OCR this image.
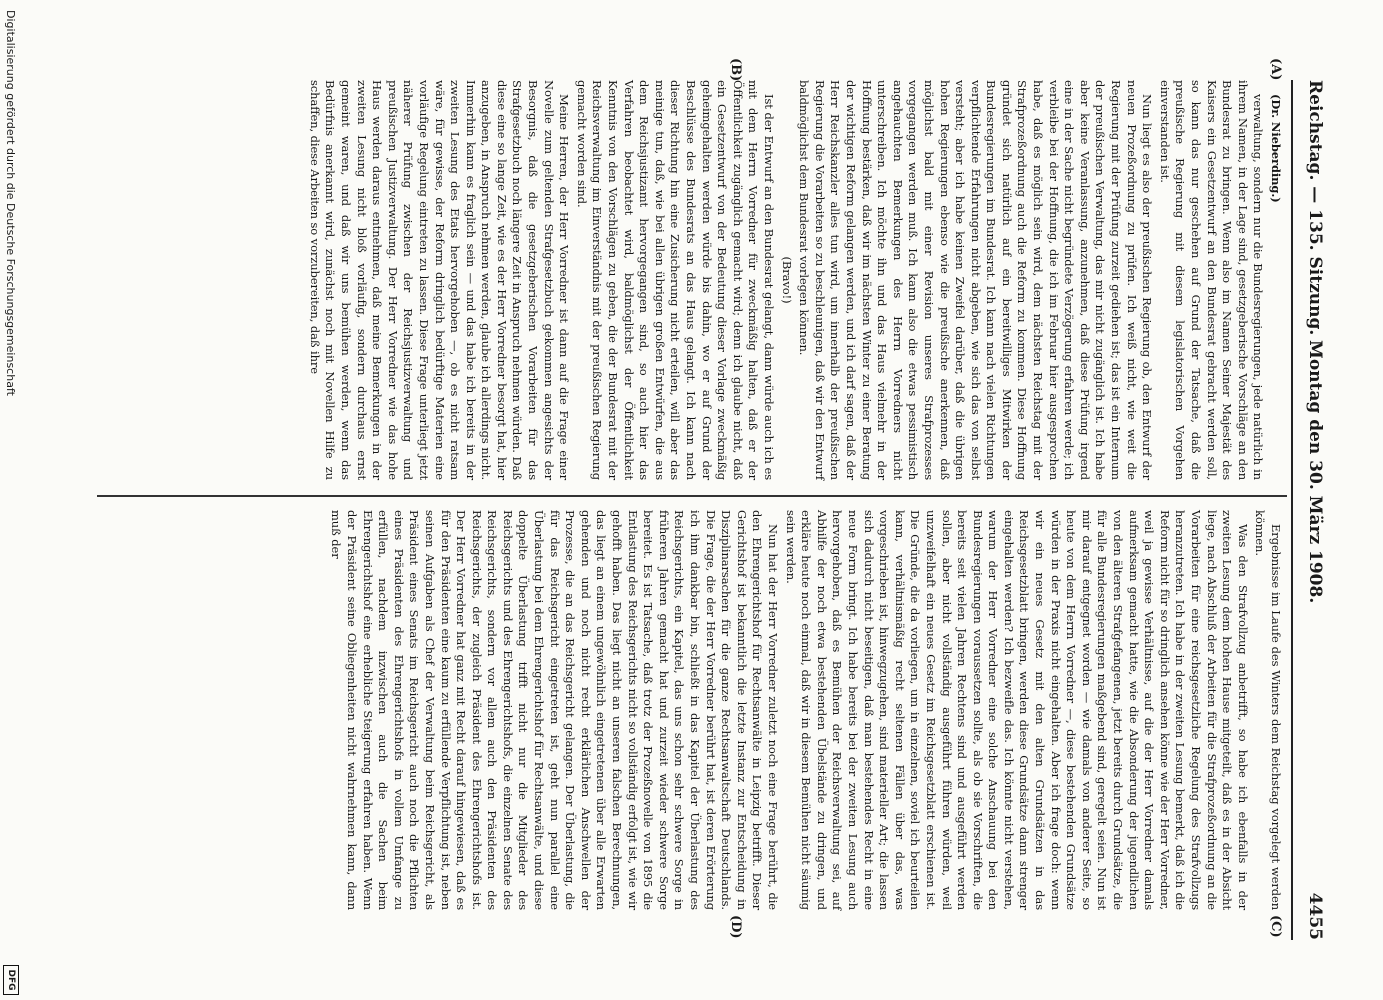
Reichstag. — 135. Sitzung.
Montag den 30. März 1908.
4455
(A)
(B)
(C)
(D)

(Dr. Nieberding.)

verwaltung, sondern nur die Bundesregierungen, jede natürlich in ihrem Namen, in der Lage sind, gesetzgeberische Vorschläge an den Bundesrat zu bringen. Wenn also im Namen Seiner Majestät des Kaisers ein Gesetzentwurf an den Bundesrat gebracht werden soll, so kann das nur geschehen auf Grund der Tatsache, daß die preußische Regierung mit diesem legislatorischen Vorgehen einverstanden ist.

Nun liegt es also der preußischen Regierung ob, den Entwurf der neuen Prozeßordnung zu prüfen. Ich weiß nicht, wie weit die Regierung mit der Prüfung zurzeit gediehen ist; das ist ein Internum der preußischen Verwaltung, das mir nicht zugänglich ist. Ich habe aber keine Veranlassung, anzunehmen, daß diese Prüfung irgend eine in der Sache nicht begründete Verzögerung erfahren werde; ich verbleibe bei der Hoffnung, die ich im Februar hier ausgesprochen habe, daß es möglich sein wird, dem nächsten Reichstag mit der Strafprozeßordnung auch die Reform zu kommen. Diese Hoffnung gründet sich natürlich auf ein bereitwilliges Mitwirken der Bundesregierungen im Bundesrat. Ich kann nach vielen Richtungen verpflichtende Erfahrungen nicht abgeben, wie sich das von selbst versteht; aber ich habe keinen Zweifel darüber, daß die übrigen hohen Regierungen ebenso wie die preußische anerkennen, daß möglichst bald mit einer Revision unseres Strafprozesses vorgegangen werden muß. Ich kann also die etwas pessimistisch angehauchten Bemerkungen des Herrn Vorredners nicht unterschreiben. Ich möchte ihn und das Haus vielmehr in der Hoffnung bestärken, daß wir im nächsten Winter zu einer Beratung der wichtigen Reform gelangen werden, und ich darf sagen, daß der Herr Reichskanzler alles tun wird, um innerhalb der preußischen Regierung die Vorarbeiten so zu beschleunigen, daß wir den Entwurf baldmöglichst dem Bundesrat vorlegen können.

(Bravo!)

Ist der Entwurf an den Bundesrat gelangt, dann würde auch ich es mit dem Herrn Vorredner für zweckmäßig halten, daß er der Öffentlichkeit zugänglich gemacht wird; denn ich glaube nicht, daß ein Gesetzentwurf von der Bedeutung dieser Vorlage zweckmäßig geheimgehalten werden würde bis dahin, wo er auf Grund der Beschlüsse des Bundesrats an das Haus gelangt. Ich kann nach dieser Richtung hin eine Zusicherung nicht erteilen, will aber das meinige tun, daß, wie bei allen übrigen großen Entwürfen, die aus dem Reichsjustizamt hervorgegangen sind, so auch hier das Verfahren beobachtet wird, baldmöglichst der Öffentlichkeit Kenntnis von den Vorschlägen zu geben, die der Bundesrat mit der Reichsverwaltung im Einverständnis mit der preußischen Regierung gemacht worden sind.

Meine Herren, der Herr Vorredner ist dann auf die Frage einer Novelle zum geltenden Strafgesetzbuch gekommen angesichts der Besorgnis, daß die gesetzgeberischen Vorarbeiten für das Strafgesetzbuch noch längere Zeit in Anspruch nehmen würden. Daß diese eine so lange Zeit, wie es der Herr Vorredner besorgt hat, hier anzugeben, in Anspruch nehmen werden, glaube ich allerdings nicht. Immerhin kann es fraglich sein — und das habe ich bereits in der zweiten Lesung des Etats hervorgehoben —, ob es nicht ratsam wäre, für gewisse, der Reform dringlich bedürftige Materien eine vorläufige Regelung eintreten zu lassen. Diese Frage unterliegt jetzt näherer Prüfung zwischen der Reichsjustizverwaltung und preußischen Justizverwaltung. Der Herr Vorredner wie das hohe Haus werden daraus entnehmen, daß meine Bemerkungen in der zweiten Lesung nicht bloß vorläufig, sondern durchaus ernst gemeint waren, und daß wir uns bemühen werden, wenn das Bedürfnis anerkannt wird, zunächst noch mit Novellen Hilfe zu schaffen, diese Arbeiten so vorzubereiten, daß ihre

Ergebnisse im Laufe des Winters dem Reichstag vorgelegt werden können.

Was den Strafvollzug anbetrifft, so habe ich ebenfalls in der zweiten Lesung dem hohen Hause mitgeteilt, daß es in der Absicht liege, nach Abschluß der Arbeiten für die Strafprozeßordnung an die Vorarbeiten für eine reichsgesetzliche Regelung des Strafvollzugs heranzutreten. Ich habe in der zweiten Lesung bemerkt, daß ich die Reform nicht für so dringlich ansehen könne wie der Herr Vorredner, weil ja gewisse Verhältnisse, auf die der Herr Vorredner damals aufmerksam gemacht hatte, wie die Absonderung der jugendlichen von den älteren Strafgefangenen, jetzt bereits durch Grundsätze, die für alle Bundesregierungen maßgebend sind, geregelt seien. Nun ist mir darauf entgegnet worden — wie damals von anderer Seite, so heute von dem Herrn Vorredner —, diese bestehenden Grundsätze würden in der Praxis nicht eingehalten. Aber ich frage doch: wenn wir ein neues Gesetz mit den alten Grundsätzen in das Reichsgesetzblatt bringen, werden diese Grundsätze dann strenger eingehalten werden? Ich bezweifle das. Ich könnte nicht verstehen, warum der Herr Vorredner eine solche Anschauung bei den Bundesregierungen voraussetzen sollte, als ob sie Vorschriften, die bereits seit vielen Jahren Rechtens sind und ausgeführt werden sollen, aber nicht vollständig ausgeführt führen würden, weil unzweifelhaft ein neues Gesetz im Reichsgesetzblatt erschienen ist. Die Gründe, die da vorliegen, um in einzelnen, soviel ich beurteilen kann, verhältnismäßig recht seltenen Fällen über das, was vorgeschrieben ist, hinwegzugehen, sind materieller Art; die lassen sich dadurch nicht beseitigen, daß man bestehendes Recht in eine neue Form bringt. Ich habe bereits bei der zweiten Lesung auch hervorgehoben, daß es Bemühen der Reichsverwaltung sei, auf Abhilfe der noch etwa bestehenden Übelstände zu dringen, und erkläre heute noch einmal, daß wir in diesem Bemühen nicht säumig sein werden.

Nun hat der Herr Vorredner zuletzt noch eine Frage berührt, die den Ehrengerichtshof für Rechtsanwälte in Leipzig betrifft. Dieser Gerichtshof ist bekanntlich die letzte Instanz zur Entscheidung in Disziplinarsachen für die ganze Rechtsanwaltschaft Deutschlands. Die Frage, die der Herr Vorredner berührt hat, ist deren Erörterung ich ihm dankbar bin, schließt in das Kapitel der Überlastung des Reichsgerichts, ein Kapitel, das uns schon sehr schwere Sorge in früheren Jahren gemacht hat und zurzeit wieder schwere Sorge bereitet. Es ist Tatsache, daß trotz der Prozeßnovelle von 1895 die Entlastung des Reichsgerichts nicht so vollständig erfolgt ist, wie wir gehofft haben. Das liegt nicht an unseren falschen Berechnungen, das liegt an einem ungewöhnlich eingetretenen über alle Erwarten gehenden und noch nicht recht erklärlichen Anschwellen der Prozesse, die an das Reichsgericht gelangen. Der Überlastung, die für das Reichsgericht eingetreten ist, geht nun parallel eine Überlastung bei dem Ehrengerichtshof für Rechtsanwälte, und diese doppelte Überlastung trifft nicht nur die Mitglieder des Reichsgerichts und des Ehrengerichtshofs, die einzelnen Senate des Reichsgerichts, sondern vor allem auch den Präsidenten des Reichsgerichts, der zugleich Präsident des Ehrengerichtshofs ist. Der Herr Vorredner hat ganz mit Recht darauf hingewiesen, daß es für den Präsidenten eine kaum zu erfüllende Verpflichtung ist, neben seinen Aufgaben als Chef der Verwaltung beim Reichsgericht, als Präsident eines Senats im Reichsgericht auch noch die Pflichten eines Präsidenten des Ehrengerichtshofs in vollem Umfange zu erfüllen, nachdem inzwischen auch die Sachen beim Ehrengerichtshof eine erhebliche Steigerung erfahren haben. Wenn der Präsident seine Obliegenheiten nicht wahrnehmen kann, dann muß der

Digitalisierung gefördert durch die Deutsche Forschungsgemeinschaft
DFG
